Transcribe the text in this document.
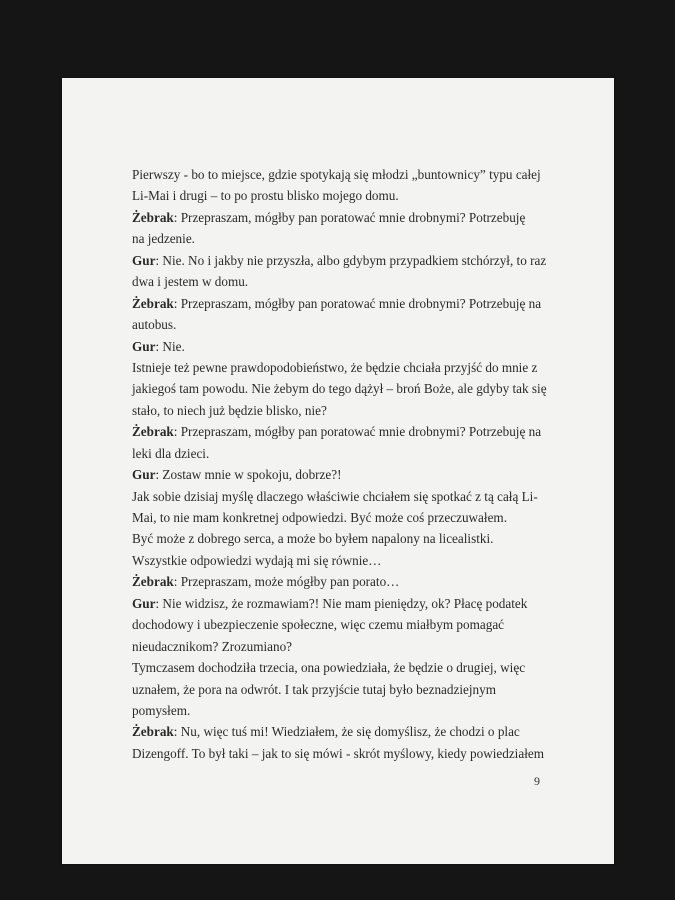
Pierwszy - bo to miejsce, gdzie spotykają się młodzi „buntownicy” typu całej
Li-Mai i drugi – to po prostu blisko mojego domu.
Żebrak: Przepraszam, mógłby pan poratować mnie drobnymi? Potrzebuję
na jedzenie.
Gur: Nie. No i jakby nie przyszła, albo gdybym przypadkiem stchórzył, to raz
dwa i jestem w domu.
Żebrak: Przepraszam, mógłby pan poratować mnie drobnymi? Potrzebuję na
autobus.
Gur: Nie.
Istnieje też pewne prawdopodobieństwo, że będzie chciała przyjść do mnie z
jakiegoś tam powodu. Nie żebym do tego dążył – broń Boże, ale gdyby tak się
stało, to niech już będzie blisko, nie?
Żebrak: Przepraszam, mógłby pan poratować mnie drobnymi? Potrzebuję na
leki dla dzieci.
Gur: Zostaw mnie w spokoju, dobrze?!
Jak sobie dzisiaj myślę dlaczego właściwie chciałem się spotkać z tą całą Li-
Mai, to nie mam konkretnej odpowiedzi. Być może coś przeczuwałem.
Być może z dobrego serca, a może bo byłem napalony na licealistki.
Wszystkie odpowiedzi wydają mi się równie…
Żebrak: Przepraszam, może mógłby pan porato…
Gur: Nie widzisz, że rozmawiam?! Nie mam pieniędzy, ok? Płacę podatek
dochodowy i ubezpieczenie społeczne, więc czemu miałbym pomagać
nieudacznikom? Zrozumiano?
Tymczasem dochodziła trzecia, ona powiedziała, że będzie o drugiej, więc
uznałem, że pora na odwrót. I tak przyjście tutaj było beznadziejnym
pomysłem.
Żebrak: Nu, więc tuś mi! Wiedziałem, że się domyślisz, że chodzi o plac
Dizengoff. To był taki – jak to się mówi - skrót myślowy, kiedy powiedziałem
9
